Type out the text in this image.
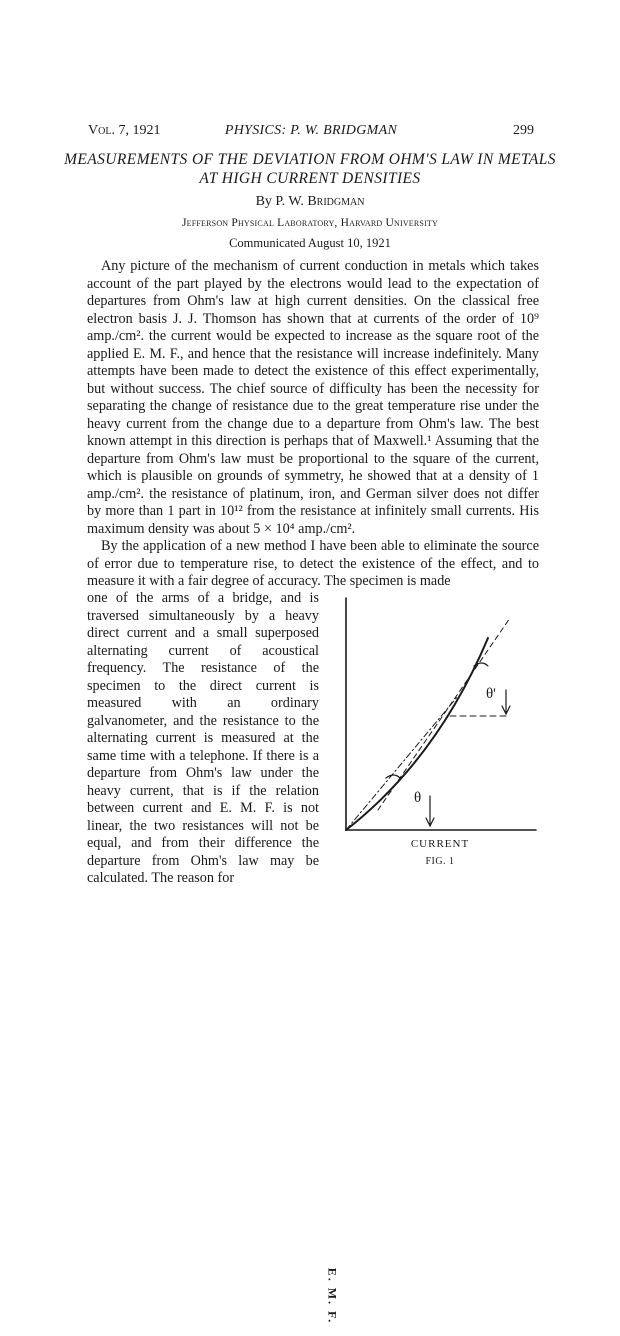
Vol. 7, 1921	PHYSICS: P. W. BRIDGMAN	299
MEASUREMENTS OF THE DEVIATION FROM OHM'S LAW IN METALS AT HIGH CURRENT DENSITIES
By P. W. Bridgman
Jefferson Physical Laboratory, Harvard University
Communicated August 10, 1921

Any picture of the mechanism of current conduction in metals which takes account of the part played by the electrons would lead to the expectation of departures from Ohm's law at high current densities. On the classical free electron basis J. J. Thomson has shown that at currents of the order of 10⁹ amp./cm². the current would be expected to increase as the square root of the applied E. M. F., and hence that the resistance will increase indefinitely. Many attempts have been made to detect the existence of this effect experimentally, but without success. The chief source of difficulty has been the necessity for separating the change of resistance due to the great temperature rise under the heavy current from the change due to a departure from Ohm's law. The best known attempt in this direction is perhaps that of Maxwell.¹ Assuming that the departure from Ohm's law must be proportional to the square of the current, which is plausible on grounds of symmetry, he showed that at a density of 1 amp./cm². the resistance of platinum, iron, and German silver does not differ by more than 1 part in 10¹² from the resistance at infinitely small currents. His maximum density was about 5 × 10⁴ amp./cm².

By the application of a new method I have been able to eliminate the source of error due to temperature rise, to detect the existence of the effect, and to measure it with a fair degree of accuracy. The specimen is made

one of the arms of a bridge, and is traversed simultaneously by a heavy direct current and a small superposed alternating current of acoustical frequency. The resistance of the specimen to the direct current is measured with an ordinary galvanometer, and the resistance to the alternating current is measured at the same time with a telephone. If there is a departure from Ohm's law under the heavy current, that is if the relation between current and E. M. F. is not linear, the two resistances will not be equal, and from their difference the departure from Ohm's law may be calculated. The reason for

θ
θ'
E. M. F.
CURRENT
FIG. 1
